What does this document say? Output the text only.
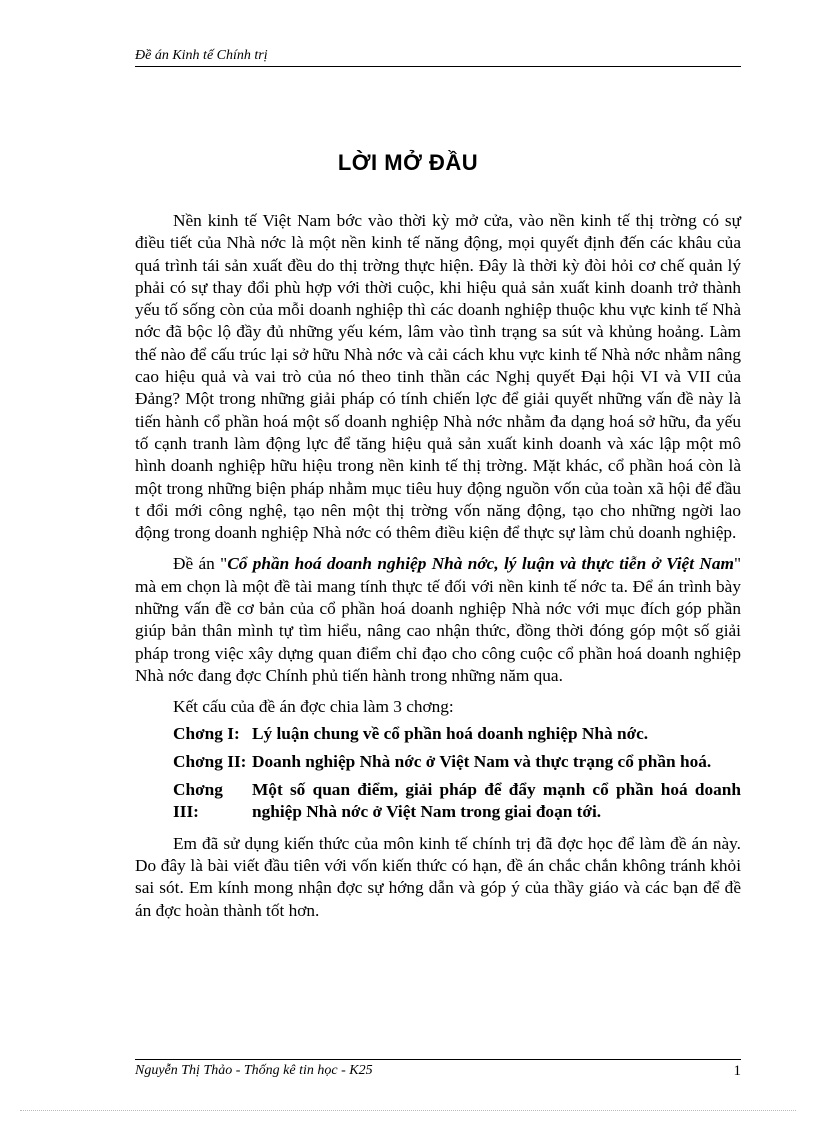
Đề án Kinh tế Chính trị
LỜI MỞ ĐẦU

Nền kinh tế Việt Nam bớc vào thời kỳ mở cửa, vào nền kinh tế thị trờng có sự điều tiết của Nhà nớc là một nền kinh tế năng động, mọi quyết định đến các khâu của quá trình tái sản xuất đều do thị trờng thực hiện. Đây là thời kỳ đòi hỏi cơ chế quản lý phải có sự thay đổi phù hợp với thời cuộc, khi hiệu quả sản xuất kinh doanh trở thành yếu tố sống còn của mỗi doanh nghiệp thì các doanh nghiệp thuộc khu vực kinh tế Nhà nớc đã bộc lộ đầy đủ những yếu kém, lâm vào tình trạng sa sút và khủng hoảng. Làm thế nào để cấu trúc lại sở hữu Nhà nớc và cải cách khu vực kinh tế Nhà nớc nhằm nâng cao hiệu quả và vai trò của nó theo tinh thần các Nghị quyết Đại hội VI và VII của Đảng? Một trong những giải pháp có tính chiến lợc để giải quyết những vấn đề này là tiến hành cổ phần hoá một số doanh nghiệp Nhà nớc nhằm đa dạng hoá sở hữu, đa yếu tố cạnh tranh làm động lực để tăng hiệu quả sản xuất kinh doanh và xác lập một mô hình doanh nghiệp hữu hiệu trong nền kinh tế thị trờng. Mặt khác, cổ phần hoá còn là một trong những biện pháp nhằm mục tiêu huy động nguồn vốn của toàn xã hội để đầu t đổi mới công nghệ, tạo nên một thị trờng vốn năng động, tạo cho những ngời lao động trong doanh nghiệp Nhà nớc có thêm điều kiện để thực sự làm chủ doanh nghiệp.

Đề án "Cổ phần hoá doanh nghiệp Nhà nớc, lý luận và thực tiễn ở Việt Nam" mà em chọn là một đề tài mang tính thực tế đối với nền kinh tế nớc ta. Để án trình bày những vấn đề cơ bản của cổ phần hoá doanh nghiệp Nhà nớc với mục đích góp phần giúp bản thân mình tự tìm hiểu, nâng cao nhận thức, đồng thời đóng góp một số giải pháp trong việc xây dựng quan điểm chỉ đạo cho công cuộc cổ phần hoá doanh nghiệp Nhà nớc đang đợc Chính phủ tiến hành trong những năm qua.

Kết cấu của đề án đợc chia làm 3 chơng:

Chơng I: Lý luận chung về cổ phần hoá doanh nghiệp Nhà nớc.
Chơng II: Doanh nghiệp Nhà nớc ở Việt Nam và thực trạng cổ phần hoá.
Chơng III:
Một số quan điểm, giải pháp để đẩy mạnh cổ phần hoá doanh nghiệp Nhà nớc ở Việt Nam trong giai đoạn tới.

Em đã sử dụng kiến thức của môn kinh tế chính trị đã đợc học để làm đề án này. Do đây là bài viết đầu tiên với vốn kiến thức có hạn, đề án chắc chắn không tránh khỏi sai sót. Em kính mong nhận đợc sự hớng dẫn và góp ý của thầy giáo và các bạn để đề án đợc hoàn thành tốt hơn.

Nguyễn Thị Thảo - Thống kê tin học - K25	1
